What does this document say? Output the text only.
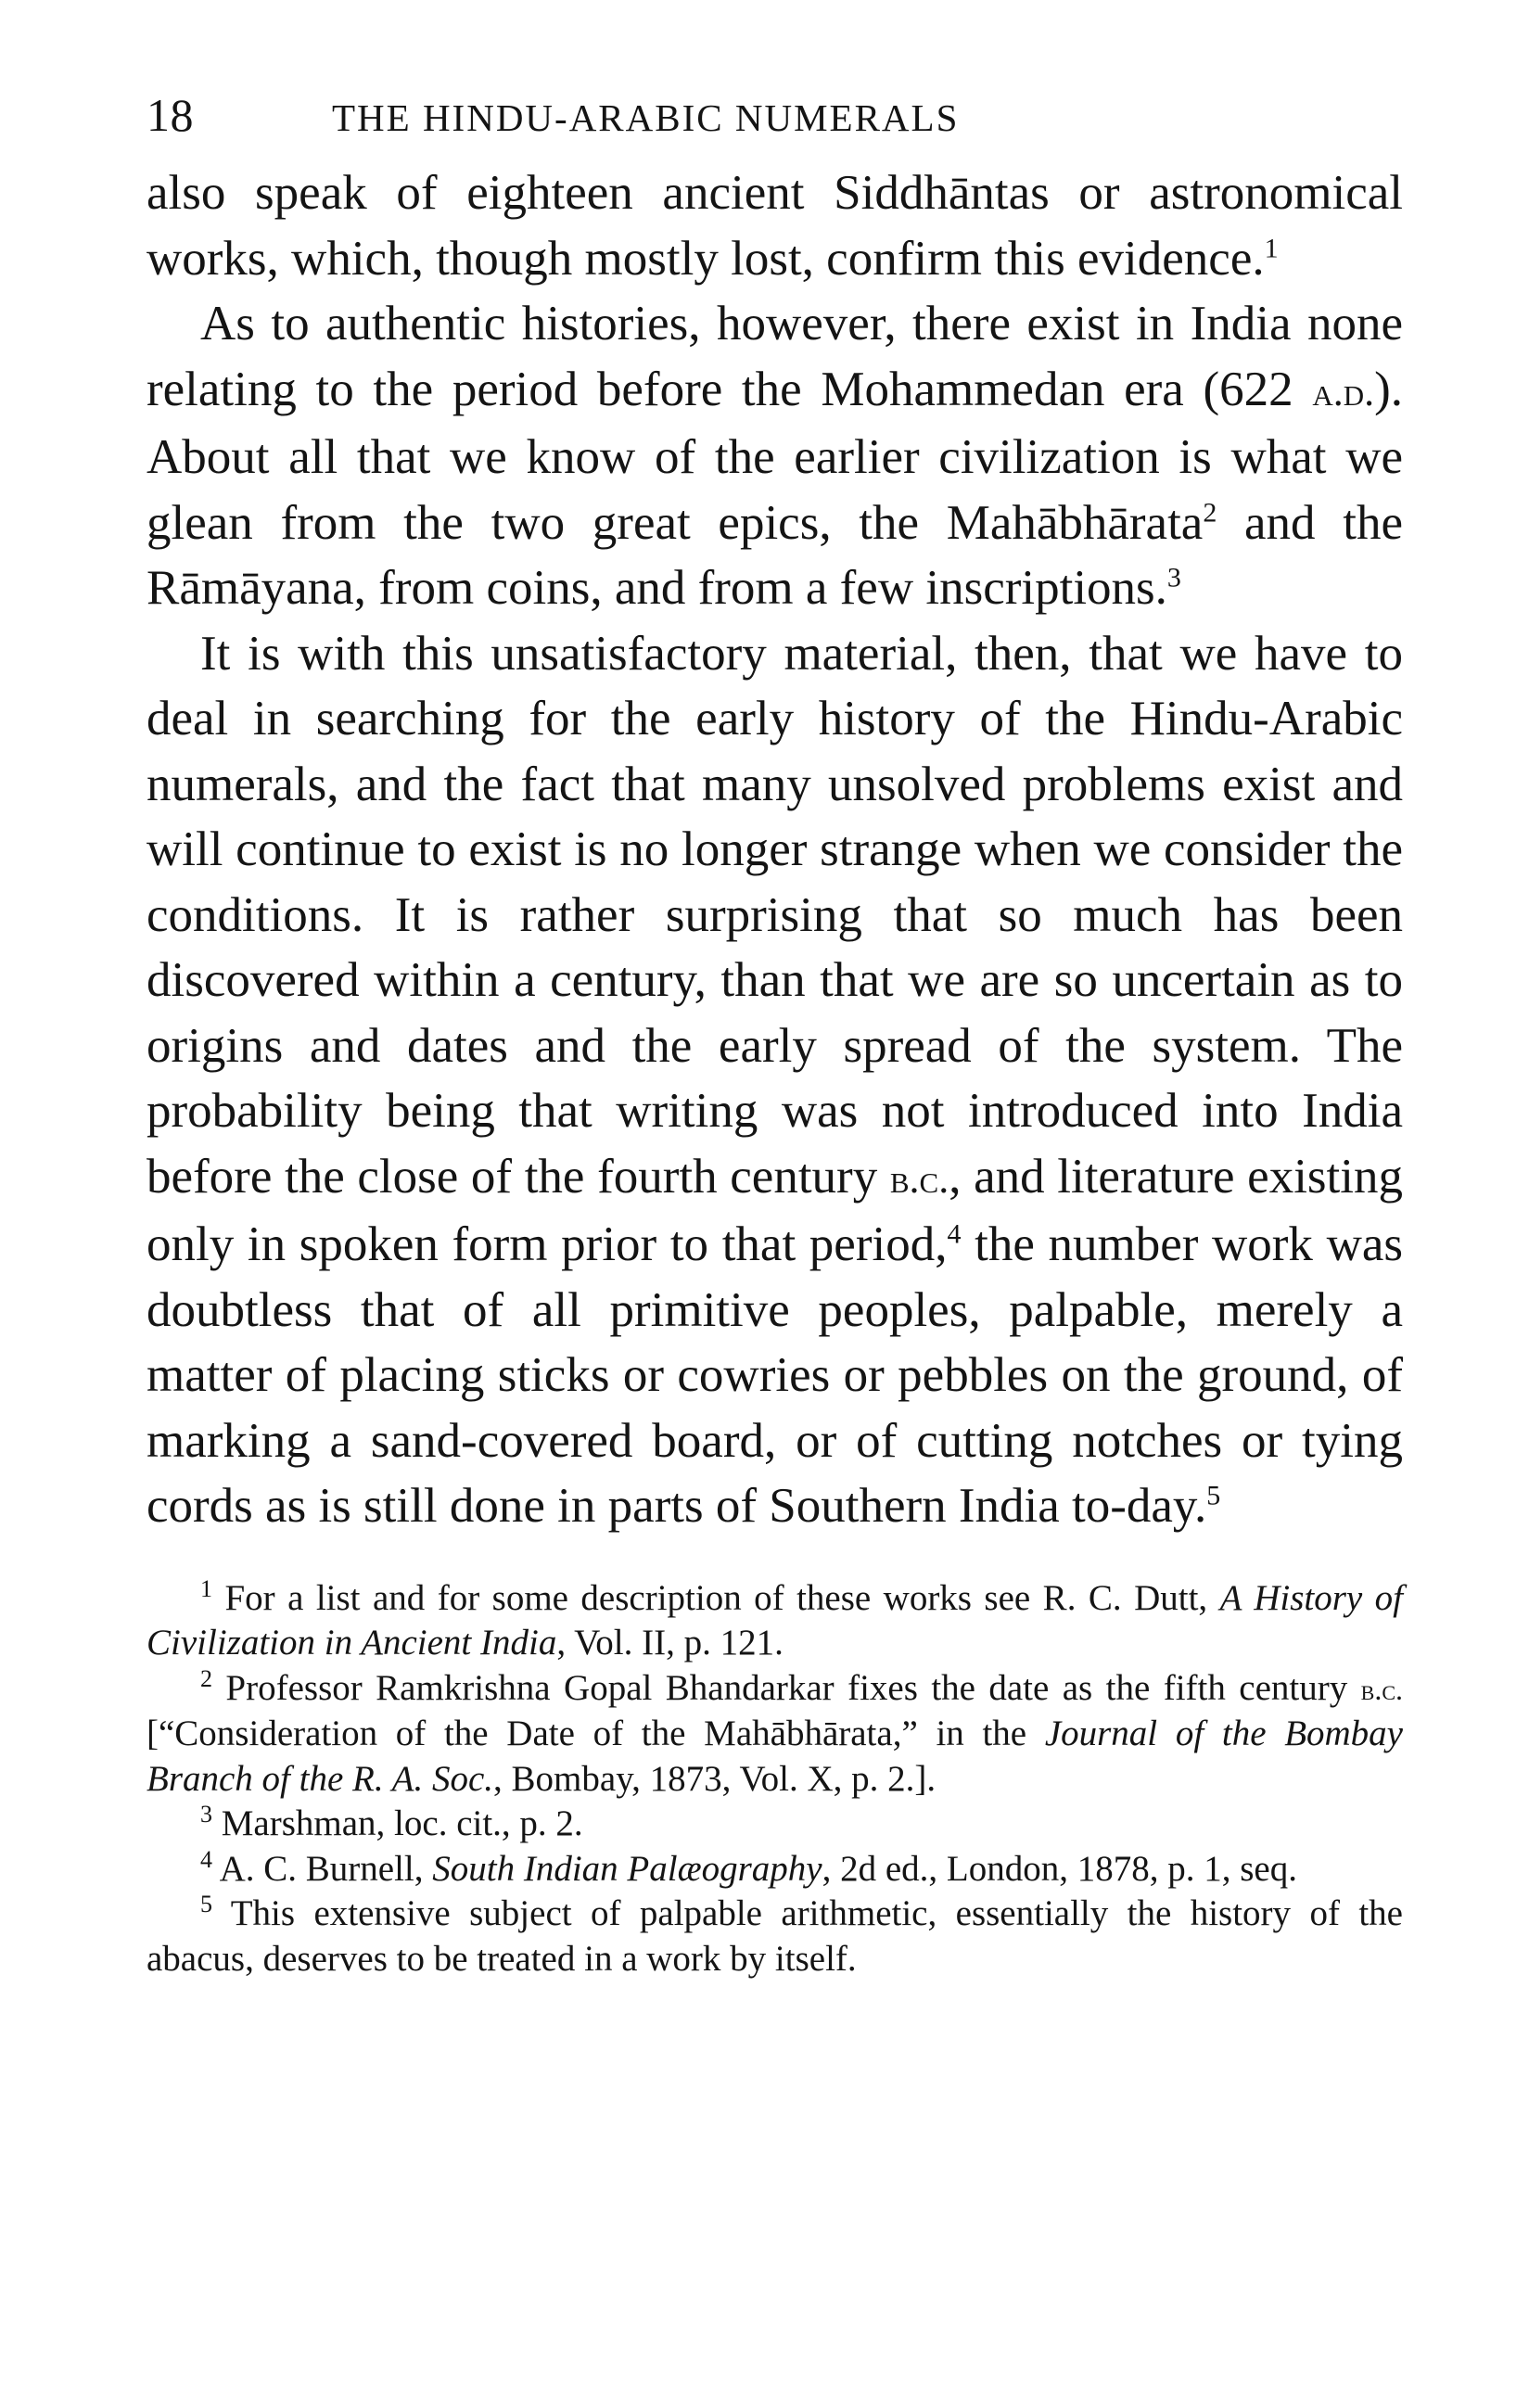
18	THE HINDU-ARABIC NUMERALS

also speak of eighteen ancient Siddhāntas or astronomical works, which, though mostly lost, confirm this evidence.$^1$

As to authentic histories, however, there exist in India none relating to the period before the Mohammedan era (622 a.d.). About all that we know of the earlier civilization is what we glean from the two great epics, the Mahābhārata$^2$ and the Rāmāyana, from coins, and from a few inscriptions.$^3$

It is with this unsatisfactory material, then, that we have to deal in searching for the early history of the Hindu-Arabic numerals, and the fact that many unsolved problems exist and will continue to exist is no longer strange when we consider the conditions. It is rather surprising that so much has been discovered within a century, than that we are so uncertain as to origins and dates and the early spread of the system. The probability being that writing was not introduced into India before the close of the fourth century b.c., and literature existing only in spoken form prior to that period,$^4$ the number work was doubtless that of all primitive peoples, palpable, merely a matter of placing sticks or cowries or pebbles on the ground, of marking a sand-covered board, or of cutting notches or tying cords as is still done in parts of Southern India to-day.$^5$

$^1$ For a list and for some description of these works see R. C. Dutt, A History of Civilization in Ancient India, Vol. II, p. 121.

$^2$ Professor Ramkrishna Gopal Bhandarkar fixes the date as the fifth century b.c. [“Consideration of the Date of the Mahābhārata,” in the Journal of the Bombay Branch of the R. A. Soc., Bombay, 1873, Vol. X, p. 2.].

$^3$ Marshman, loc. cit., p. 2.

$^4$ A. C. Burnell, South Indian Palæography, 2d ed., London, 1878, p. 1, seq.

$^5$ This extensive subject of palpable arithmetic, essentially the history of the abacus, deserves to be treated in a work by itself.
